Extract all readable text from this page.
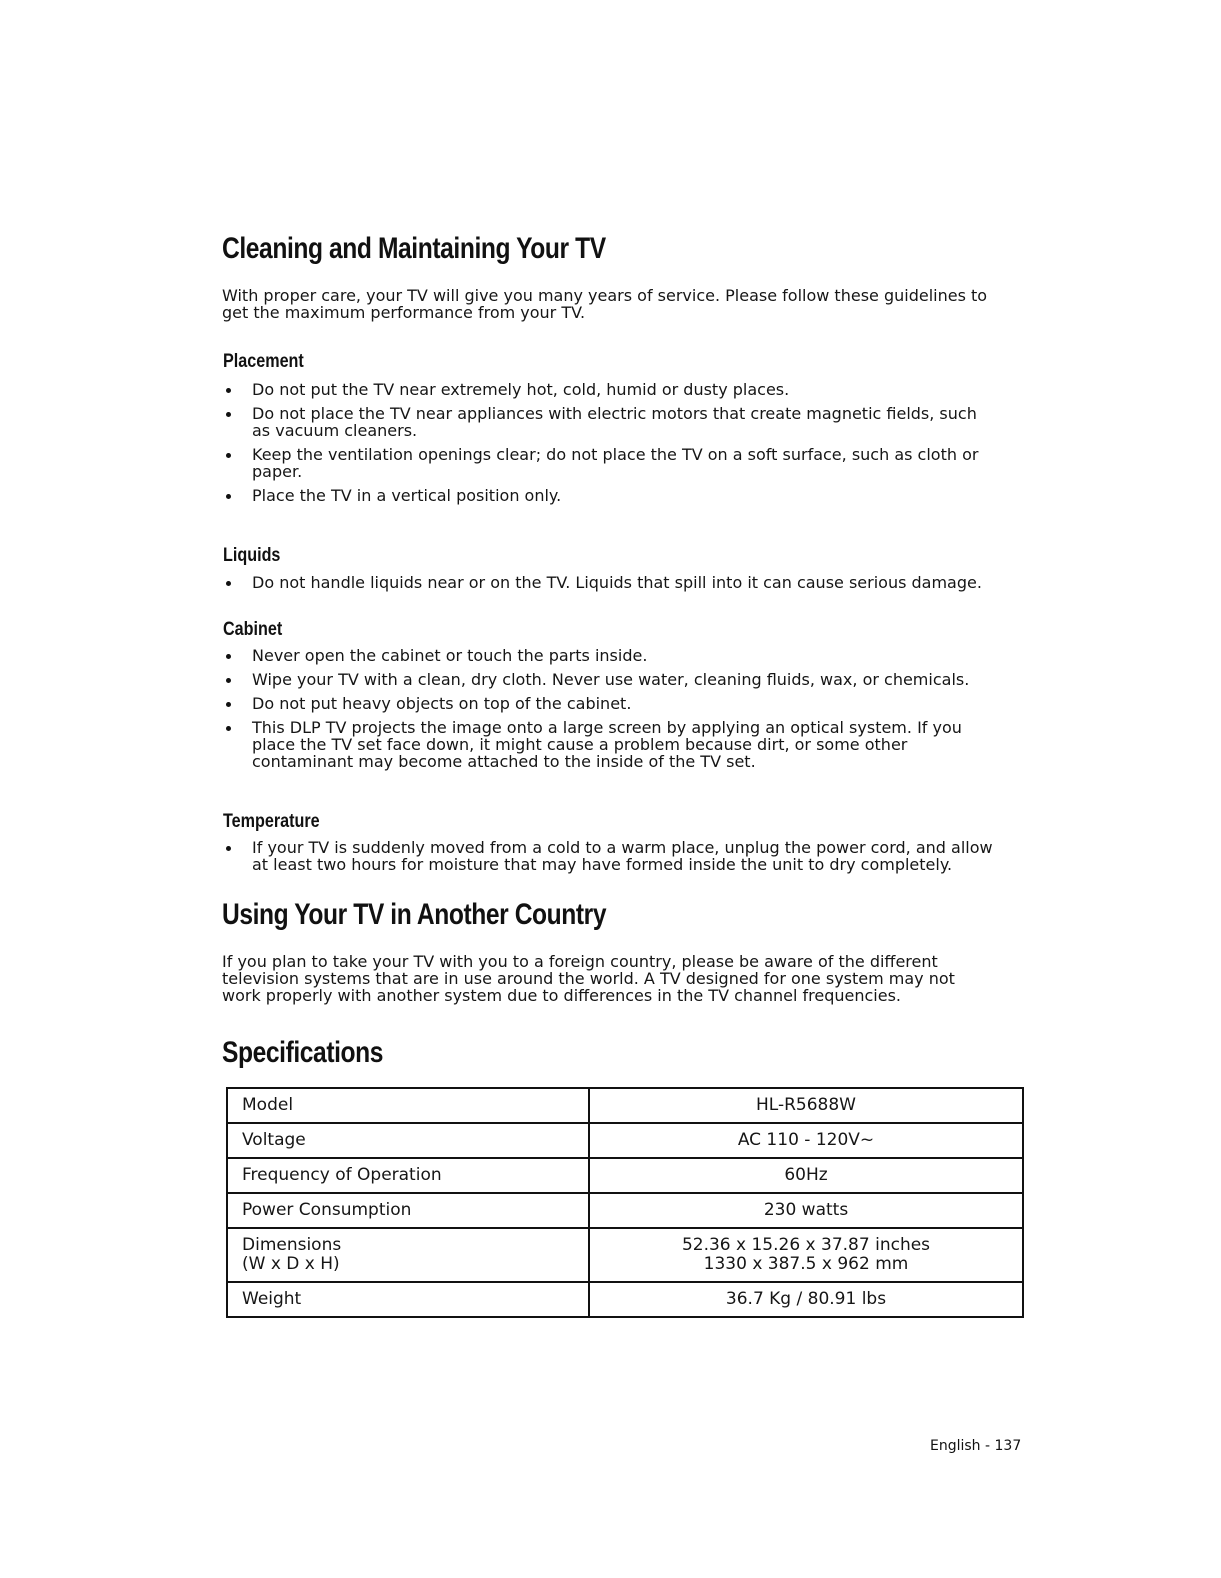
Cleaning and Maintaining Your TV

With proper care, your TV will give you many years of service. Please follow these guidelines to get the maximum performance from your TV.

Placement
Do not put the TV near extremely hot, cold, humid or dusty places.
Do not place the TV near appliances with electric motors that create magnetic fields, such as vacuum cleaners.
Keep the ventilation openings clear; do not place the TV on a soft surface, such as cloth or paper.
Place the TV in a vertical position only.
Liquids
Do not handle liquids near or on the TV. Liquids that spill into it can cause serious damage.
Cabinet
Never open the cabinet or touch the parts inside.
Wipe your TV with a clean, dry cloth. Never use water, cleaning fluids, wax, or chemicals.
Do not put heavy objects on top of the cabinet.
This DLP TV projects the image onto a large screen by applying an optical system. If you place the TV set face down, it might cause a problem because dirt, or some other contaminant may become attached to the inside of the TV set.
Temperature
If your TV is suddenly moved from a cold to a warm place, unplug the power cord, and allow at least two hours for moisture that may have formed inside the unit to dry completely.
Using Your TV in Another Country

If you plan to take your TV with you to a foreign country, please be aware of the different television systems that are in use around the world. A TV designed for one system may not work properly with another system due to differences in the TV channel frequencies.

Specifications
Model	HL-R5688W
Voltage	AC 110 - 120V~
Frequency of Operation	60Hz
Power Consumption	230 watts

Dimensions
(W x D x H)	52.36 x 15.26 x 37.87 inches
1330 x 387.5 x 962 mm

Weight	36.7 Kg / 80.91 lbs
English - 137
